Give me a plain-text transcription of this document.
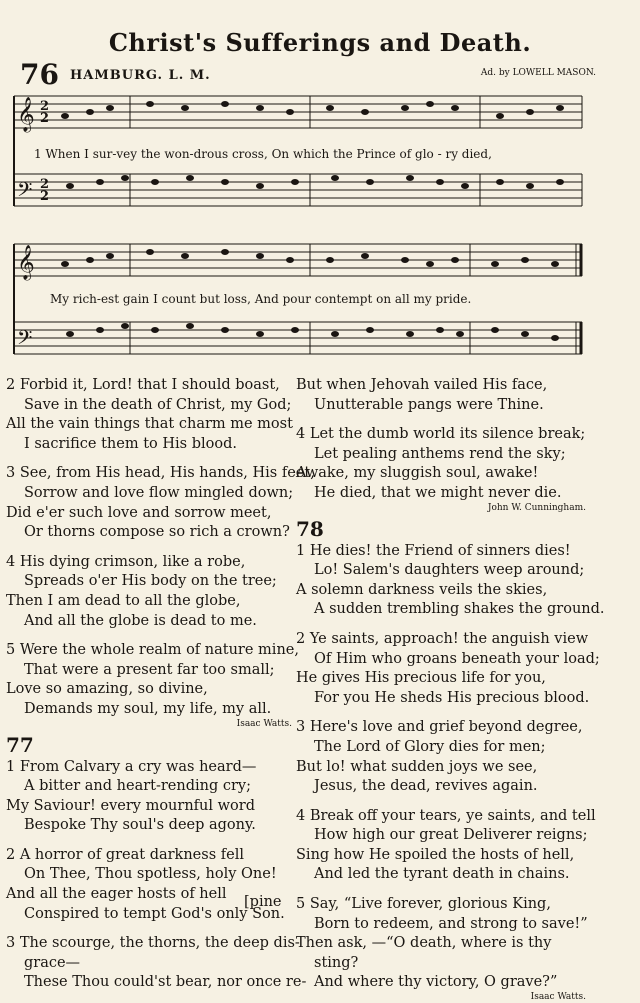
Christ's Sufferings and Death.
76 HAMBURG. L. M.	Ad. by LOWELL MASON.
𝄞
𝄢
2
2
2
2
1 When I sur-vey the won-drous cross, On which the Prince of glo - ry died,
𝄞
𝄢
My rich-est gain I count but loss, And pour contempt on all my pride.
2 Forbid it, Lord! that I should boast,
Save in the death of Christ, my God;
All the vain things that charm me most
I sacrifice them to His blood.
3 See, from His head, His hands, His feet,
Sorrow and love flow mingled down;
Did e'er such love and sorrow meet,
Or thorns compose so rich a crown?
4 His dying crimson, like a robe,
Spreads o'er His body on the tree;
Then I am dead to all the globe,
And all the globe is dead to me.
5 Were the whole realm of nature mine,
That were a present far too small;
Love so amazing, so divine,
Demands my soul, my life, my all.
Isaac Watts.
77
1 From Calvary a cry was heard—
A bitter and heart-rending cry;
My Saviour! every mournful word
Bespoke Thy soul's deep agony.
2 A horror of great darkness fell
On Thee, Thou spotless, holy One!
And all the eager hosts of hell
Conspired to tempt God's only Son.
3 The scourge, the thorns, the deep dis-
grace—
These Thou could'st bear, nor once re-
[pine
But when Jehovah vailed His face,
Unutterable pangs were Thine.
4 Let the dumb world its silence break;
Let pealing anthems rend the sky;
Awake, my sluggish soul, awake!
He died, that we might never die.
John W. Cunningham.
78
1 He dies! the Friend of sinners dies!
Lo! Salem's daughters weep around;
A solemn darkness veils the skies,
A sudden trembling shakes the ground.
2 Ye saints, approach! the anguish view
Of Him who groans beneath your load;
He gives His precious life for you,
For you He sheds His precious blood.
3 Here's love and grief beyond degree,
The Lord of Glory dies for men;
But lo! what sudden joys we see,
Jesus, the dead, revives again.
4 Break off your tears, ye saints, and tell
How high our great Deliverer reigns;
Sing how He spoiled the hosts of hell,
And led the tyrant death in chains.
5 Say, “Live forever, glorious King,
Born to redeem, and strong to save!”
Then ask, —“O death, where is thy
sting?
And where thy victory, O grave?”
Isaac Watts.
